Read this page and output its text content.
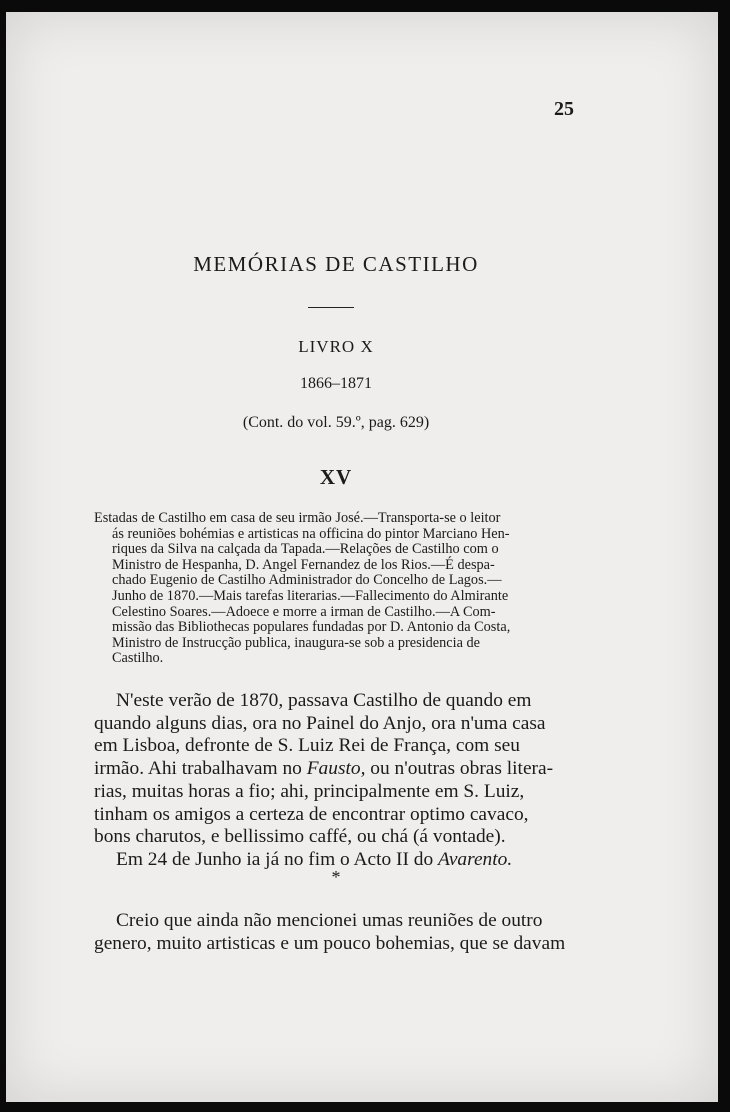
25
MEMÓRIAS DE CASTILHO
LIVRO X
1866–1871
(Cont. do vol. 59.º, pag. 629)
XV
Estadas de Castilho em casa de seu irmão José.—Transporta-se o leitor
ás reuniões bohémias e artisticas na officina do pintor Marciano Hen-
riques da Silva na calçada da Tapada.—Relações de Castilho com o
Ministro de Hespanha, D. Angel Fernandez de los Rios.—É despa-
chado Eugenio de Castilho Administrador do Concelho de Lagos.—
Junho de 1870.—Mais tarefas literarias.—Fallecimento do Almirante
Celestino Soares.—Adoece e morre a irman de Castilho.—A Com-
missão das Bibliothecas populares fundadas por D. Antonio da Costa,
Ministro de Instrucção publica, inaugura-se sob a presidencia de
Castilho.
N'este verão de 1870, passava Castilho de quando em
quando alguns dias, ora no Painel do Anjo, ora n'uma casa
em Lisboa, defronte de S. Luiz Rei de França, com seu
irmão. Ahi trabalhavam no Fausto, ou n'outras obras litera-
rias, muitas horas a fio; ahi, principalmente em S. Luiz,
tinham os amigos a certeza de encontrar optimo cavaco,
bons charutos, e bellissimo caffé, ou chá (á vontade).
Em 24 de Junho ia já no fim o Acto II do Avarento.
*
Creio que ainda não mencionei umas reuniões de outro
genero, muito artisticas e um pouco bohemias, que se davam
